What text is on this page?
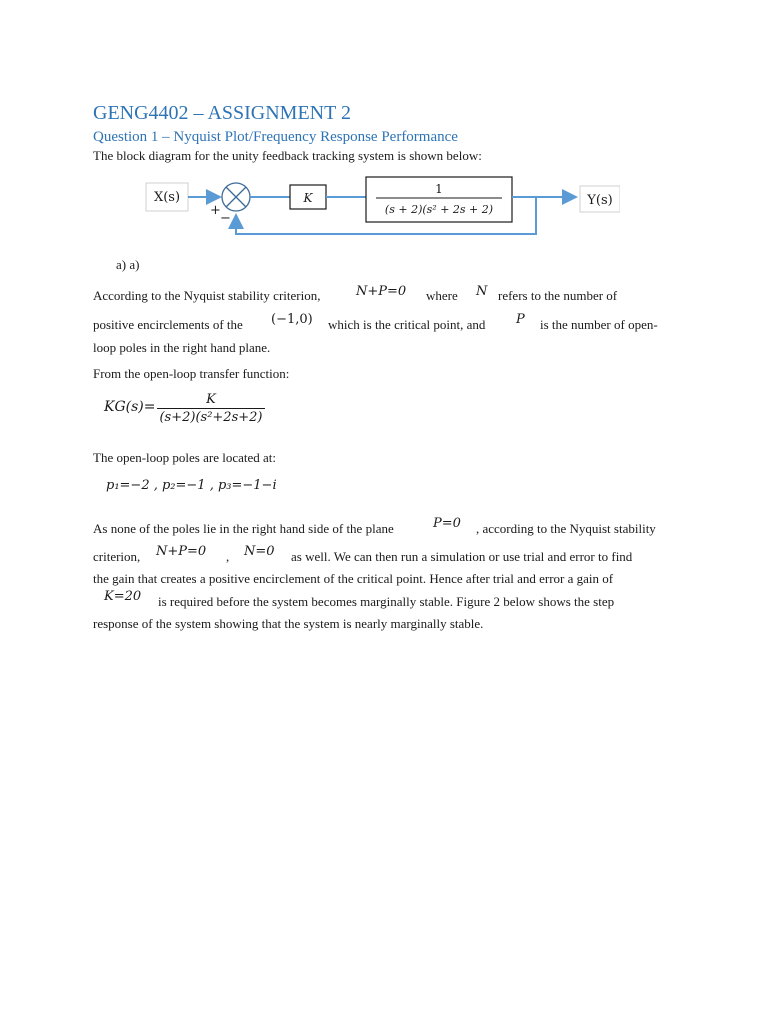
GENG4402 – ASSIGNMENT 2
Question 1 – Nyquist Plot/Frequency Response Performance
The block diagram for the unity feedback tracking system is shown below:
X(s)
+
−
K
1
(s + 2)(s² + 2s + 2)
Y(s)
a) a)
According to the Nyquist stability criterion,	N+P=0 where N refers to the number of
positive encirclements of the (−1,0) which is the critical point, and P is the number of open-
loop poles in the right hand plane.
From the open-loop transfer function:
KG(s)=	K
(s+2)(s²+2s+2)
The open-loop poles are located at:
p₁=−2 , p₂=−1 , p₃=−1−i
As none of the poles lie in the right hand side of the plane	P=0 , according to the Nyquist stability
criterion, N+P=0 , N=0 as well. We can then run a simulation or use trial and error to find
the gain that creates a positive encirclement of the critical point. Hence after trial and error a gain of
K=20 is required before the system becomes marginally stable. Figure 2 below shows the step
response of the system showing that the system is nearly marginally stable.
